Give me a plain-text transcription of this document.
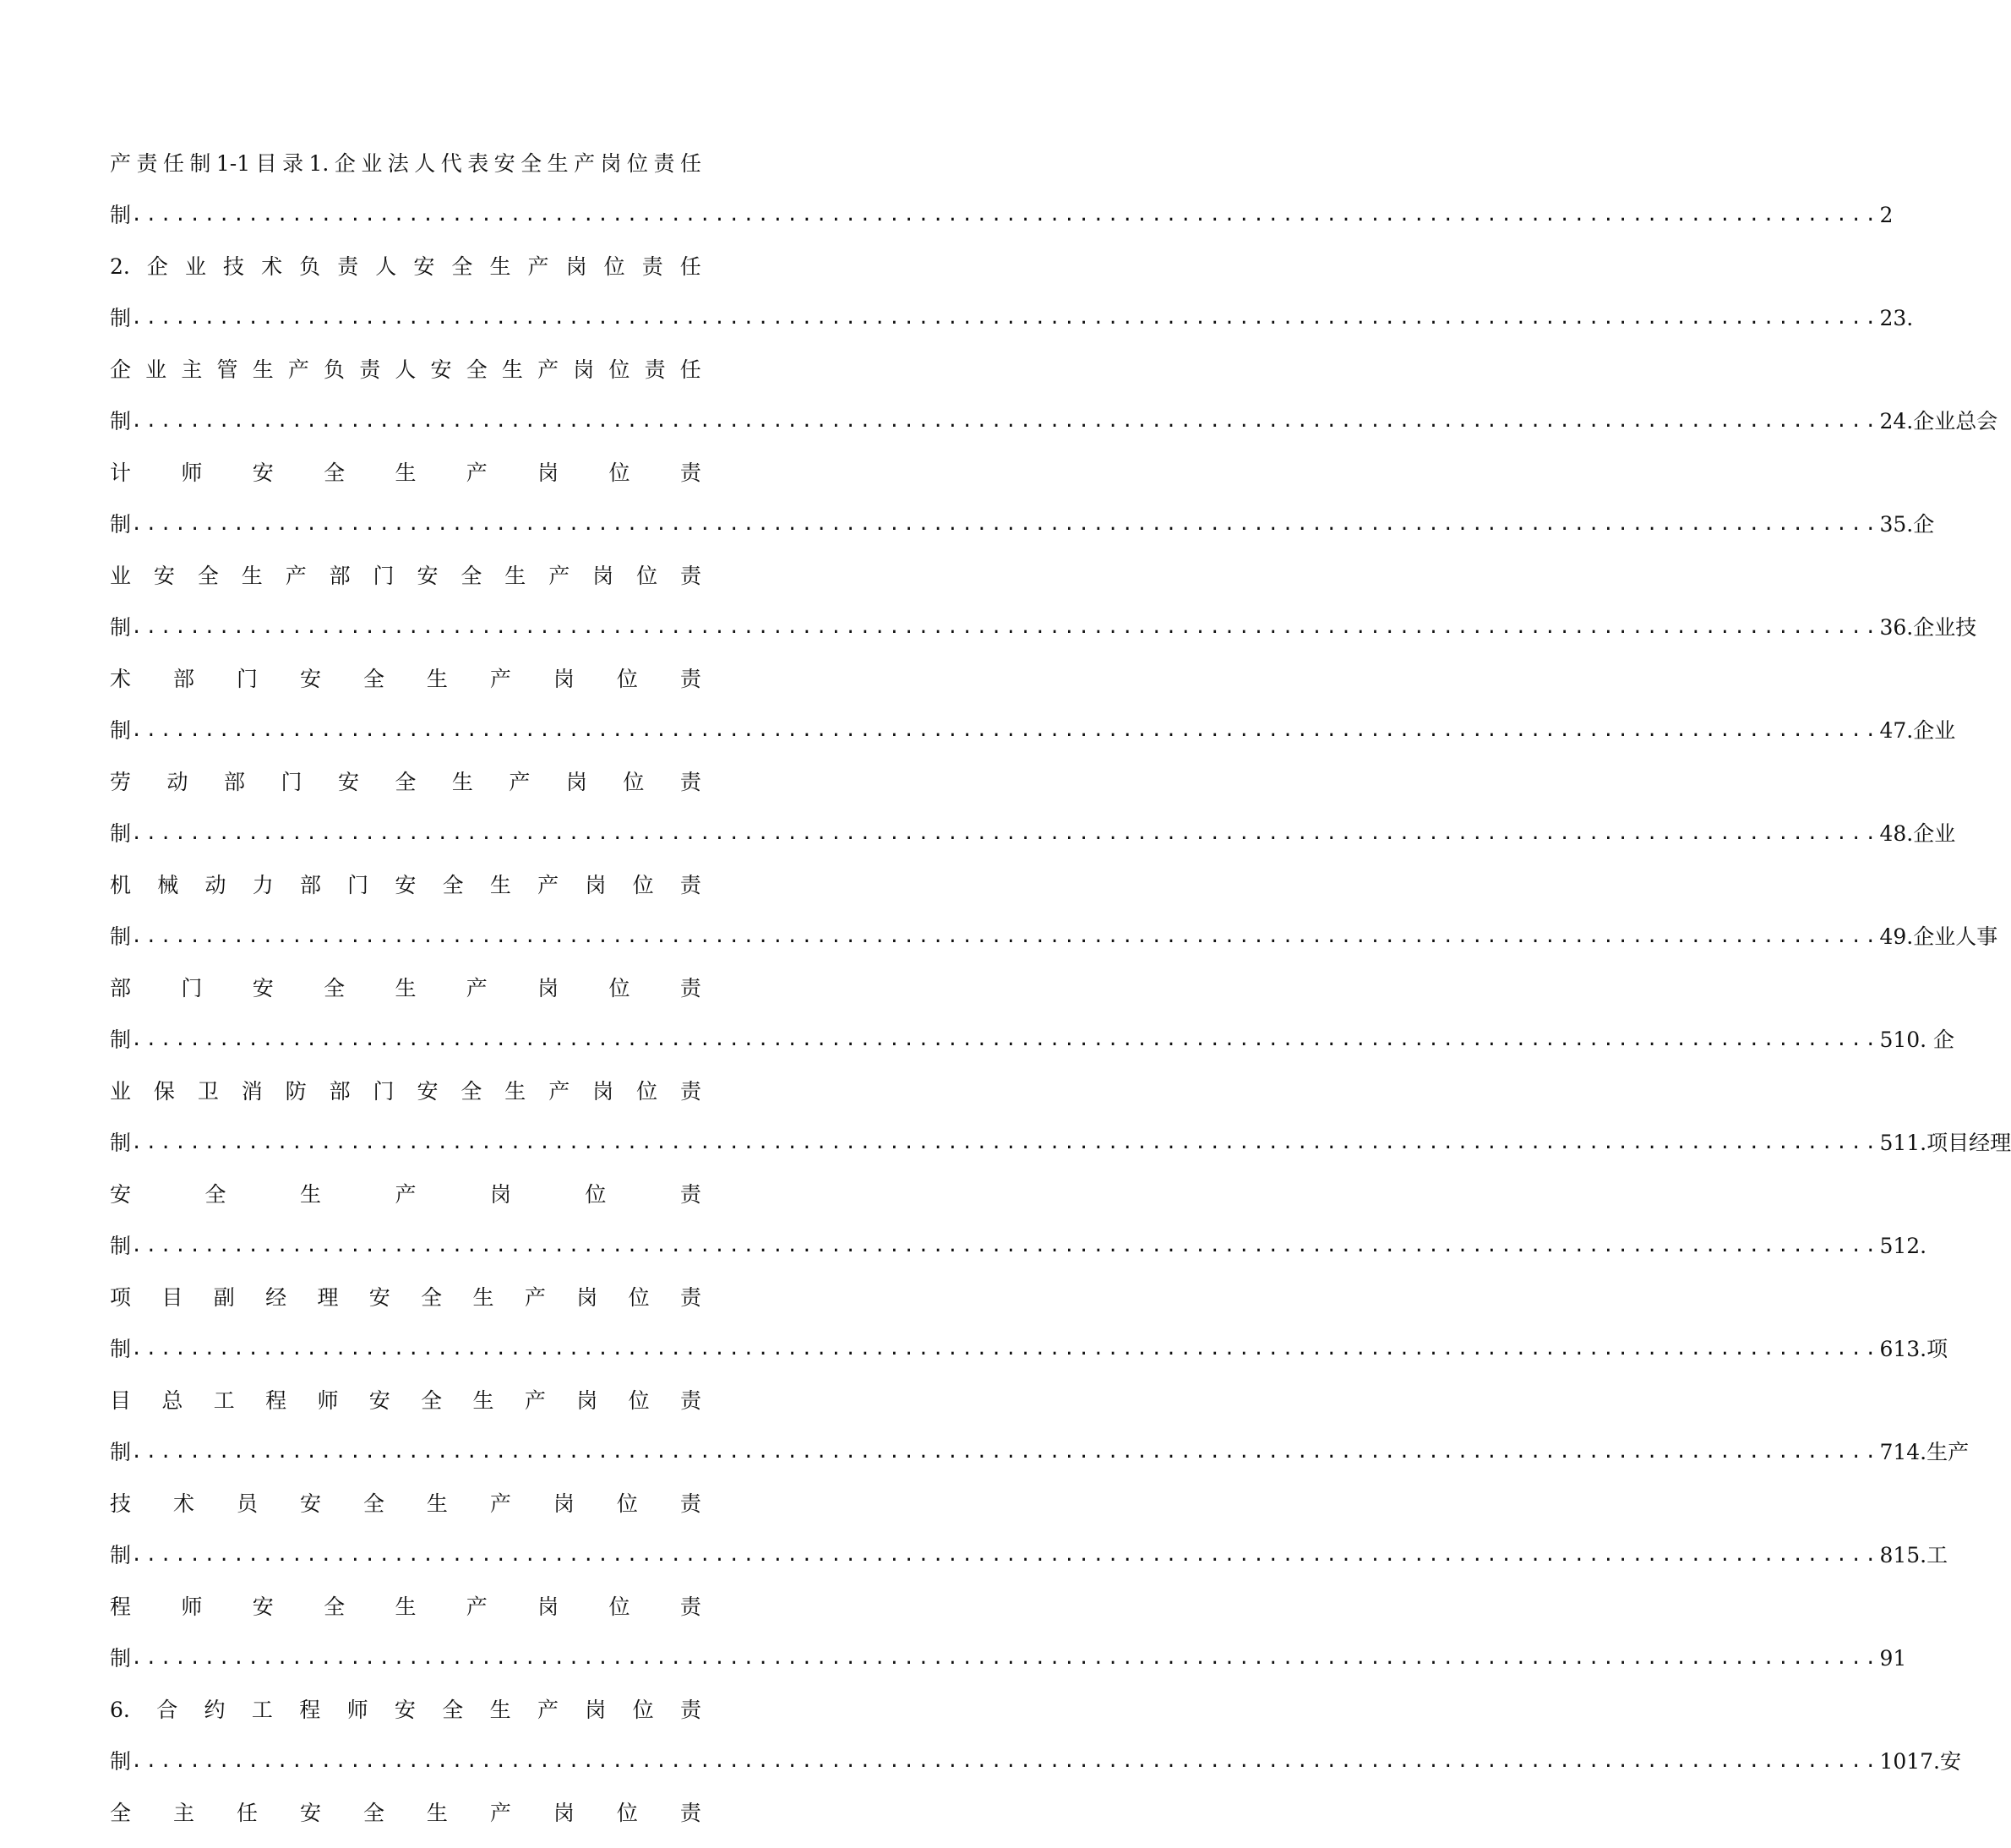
产 责 任 制 1-1 目 录 1. 企 业 法 人 代 表 安 全 生 产 岗 位 责 任
制 ........................................................................................................................ 2
2. 企 业 技 术 负 责 人 安 全 生 产 岗 位 责 任
制 ........................................................................................................................ 23.
企 业 主 管 生 产 负 责 人 安 全 生 产 岗 位 责 任
制 ........................................................................................................................ 24.企业总会
计 师 安 全 生 产 岗 位 责
制 ........................................................................................................................ 35.企
业 安 全 生 产 部 门 安 全 生 产 岗 位 责
制 ........................................................................................................................ 36.企业技
术 部 门 安 全 生 产 岗 位 责
制 ........................................................................................................................ 47.企业
劳 动 部 门 安 全 生 产 岗 位 责
制 ........................................................................................................................ 48.企业
机 械 动 力 部 门 安 全 生 产 岗 位 责
制 ........................................................................................................................ 49.企业人事
部 门 安 全 生 产 岗 位 责
制 ........................................................................................................................ 510. 企
业 保 卫 消 防 部 门 安 全 生 产 岗 位 责
制 ........................................................................................................................ 511.项目经理
安	全	生	产	岗	位	责
制 ........................................................................................................................ 512.
项 目 副 经 理 安 全 生 产 岗 位 责
制 ........................................................................................................................ 613.项
目 总 工 程 师 安 全 生 产 岗 位 责
制 ........................................................................................................................ 714.生产
技 术 员 安 全 生 产 岗 位 责
制 ........................................................................................................................ 815.工
程 师 安 全 生 产 岗 位 责
制 ........................................................................................................................ 91
6. 合 约 工 程 师 安 全 生 产 岗 位 责
制 ........................................................................................................................ 1017.安
全 主 任 安 全 生 产 岗 位 责
